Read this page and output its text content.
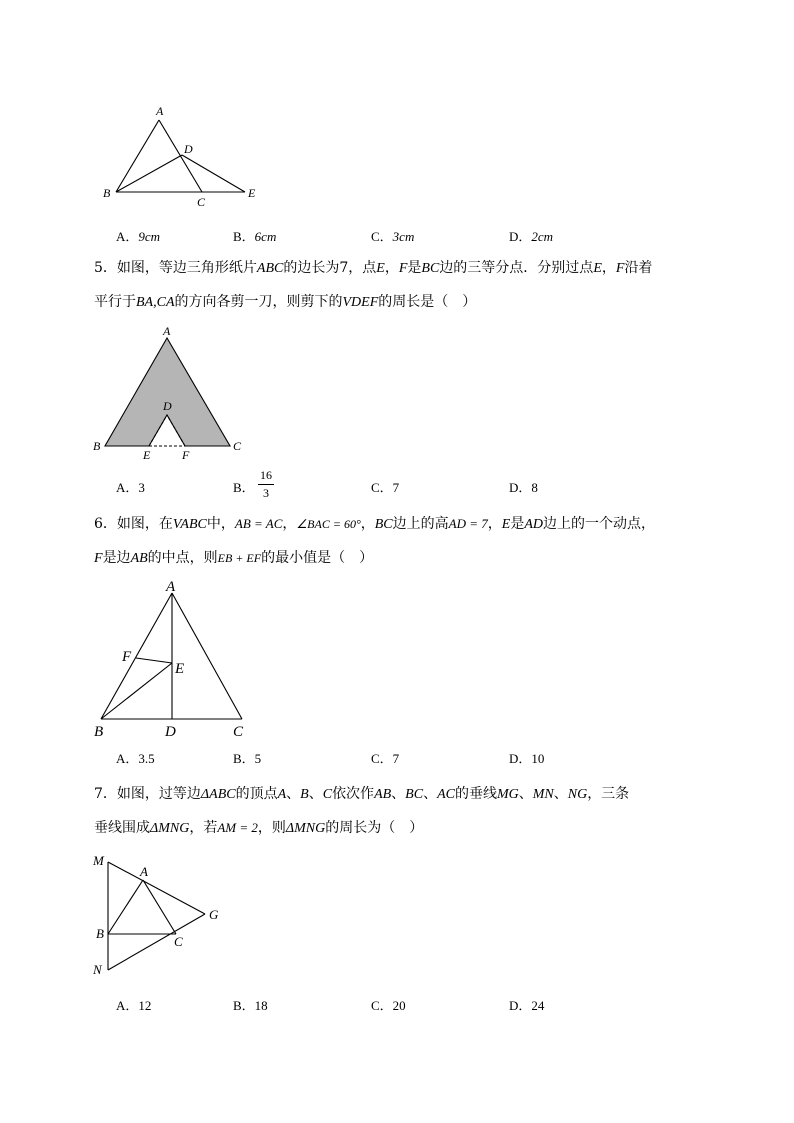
A
D
B
C
E
A．9cm	B．6cm	C．3cm	D．2cm
5．如图，等边三角形纸片ABC的边长为7，点E，F是BC边的三等分点．分别过点E，F沿着
平行于BA,CA的方向各剪一刀，则剪下的VDEF的周长是（　）
A
D
B	C
E	F
A．3	B．
16
3	C．7	D．8
6．如图，在VABC中，AB = AC，∠BAC = 60°，BC边上的高AD = 7，E是AD边上的一个动点，
F是边AB的中点，则EB + EF的最小值是（　）
A
F
E
B	D	C
A．3.5	B．5	C．7	D．10
7．如图，过等边ΔABC的顶点A、B、C依次作AB、BC、AC的垂线MG、MN、NG，三条
垂线围成ΔMNG，若AM = 2，则ΔMNG的周长为（　）
M
A
G
B
C
N
A．12	B．18	C．20	D．24
